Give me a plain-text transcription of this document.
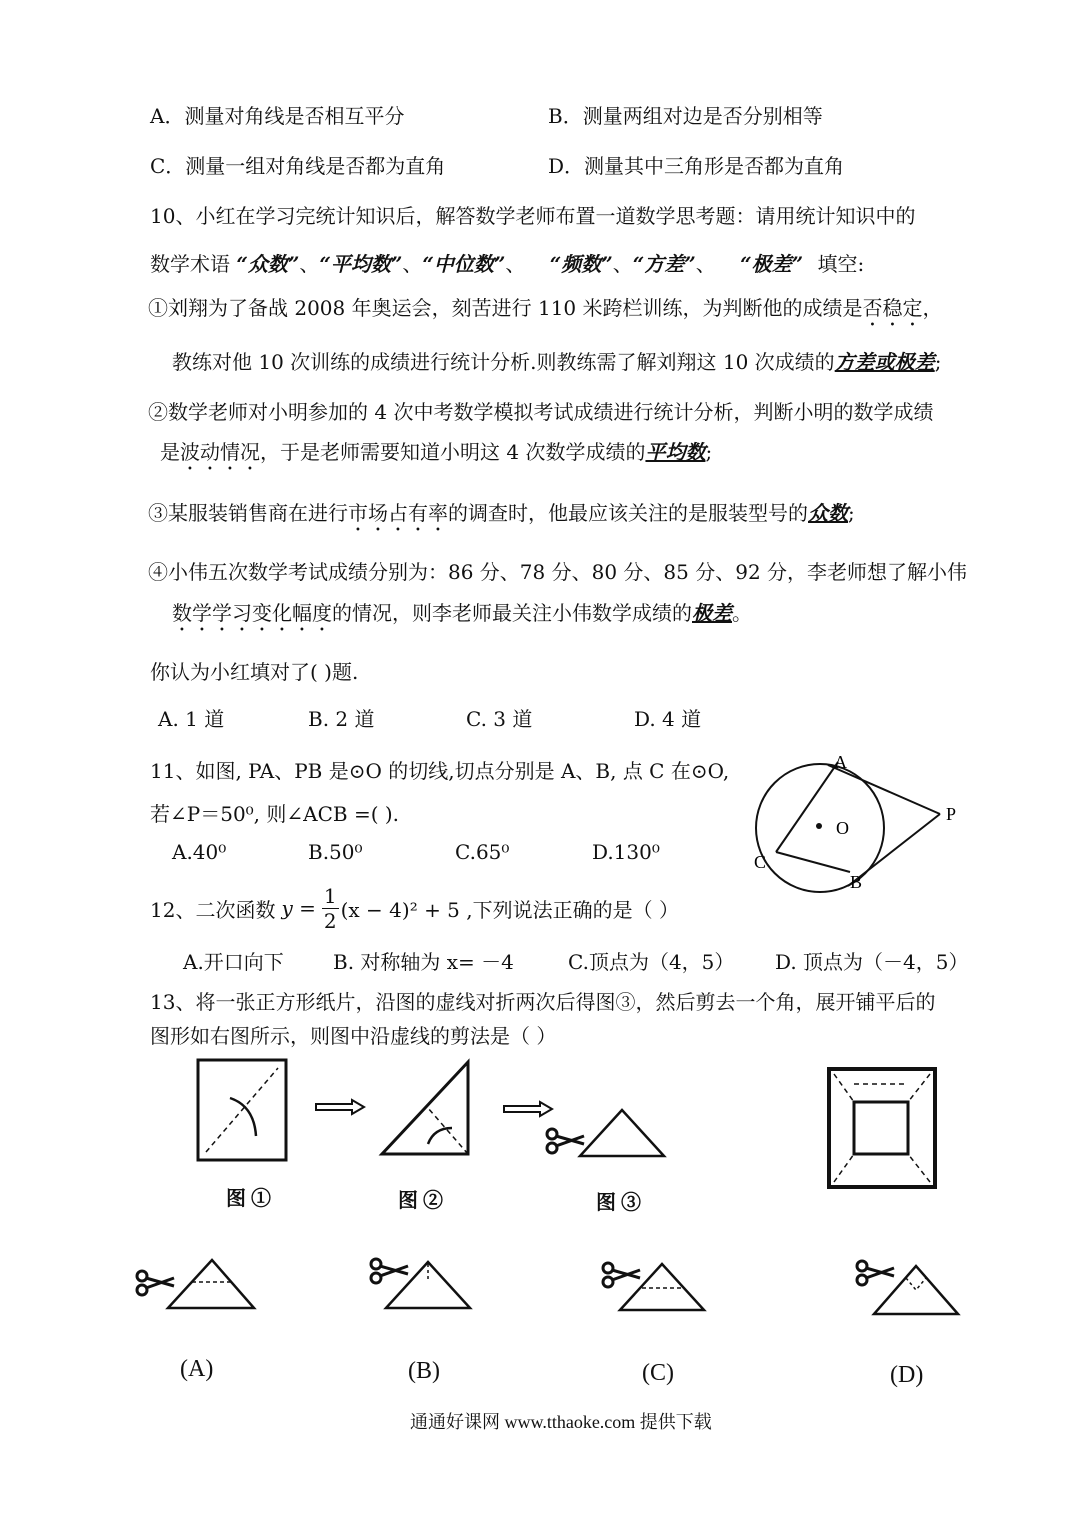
A．测量对角线是否相互平分	B．测量两组对边是否分别相等
C．测量一组对角线是否都为直角	D．测量其中三角形是否都为直角
10、小红在学习完统计知识后，解答数学老师布置一道数学思考题：请用统计知识中的
数学术语 “众数”、“平均数”、“中位数”、 “频数”、“方差”、 “极差” 填空:
①刘翔为了备战 2008 年奥运会，刻苦进行 110 米跨栏训练，为判断他的成绩是否稳定，
教练对他 10 次训练的成绩进行统计分析.则教练需了解刘翔这 10 次成绩的方差或极差;
②数学老师对小明参加的 4 次中考数学模拟考试成绩进行统计分析，判断小明的数学成绩
是波动情况，于是老师需要知道小明这 4 次数学成绩的平均数;
③某服装销售商在进行市场占有率的调查时，他最应该关注的是服装型号的众数;
④小伟五次数学考试成绩分别为：86 分、78 分、80 分、85 分、92 分，李老师想了解小伟
数学学习变化幅度的情况，则李老师最关注小伟数学成绩的极差。
你认为小红填对了( )题.
A. 1 道	B. 2 道	C. 3 道	D. 4 道
11、如图, PA、PB 是⊙O 的切线,切点分别是 A、B, 点 C 在⊙O,
若∠P＝50⁰, 则∠ACB =( ).
A.40⁰	B.50⁰	C.65⁰	D.130⁰
A
O
P
C
B
12、二次函数 $y = \frac{1}{2} (x - 4)^2 + 5$ ,下列说法正确的是（ ）
A.开口向下 B. 对称轴为 x= －4	C.顶点为（4，5） D. 顶点为（－4，5）
13、将一张正方形纸片，沿图的虚线对折两次后得图③，然后剪去一个角，展开铺平后的
图形如右图所示，则图中沿虚线的剪法是（ ）
图 ①	图 ②	图 ③
(A)	(B)	(C)	(D)
通通好课网 www.tthaoke.com 提供下载
